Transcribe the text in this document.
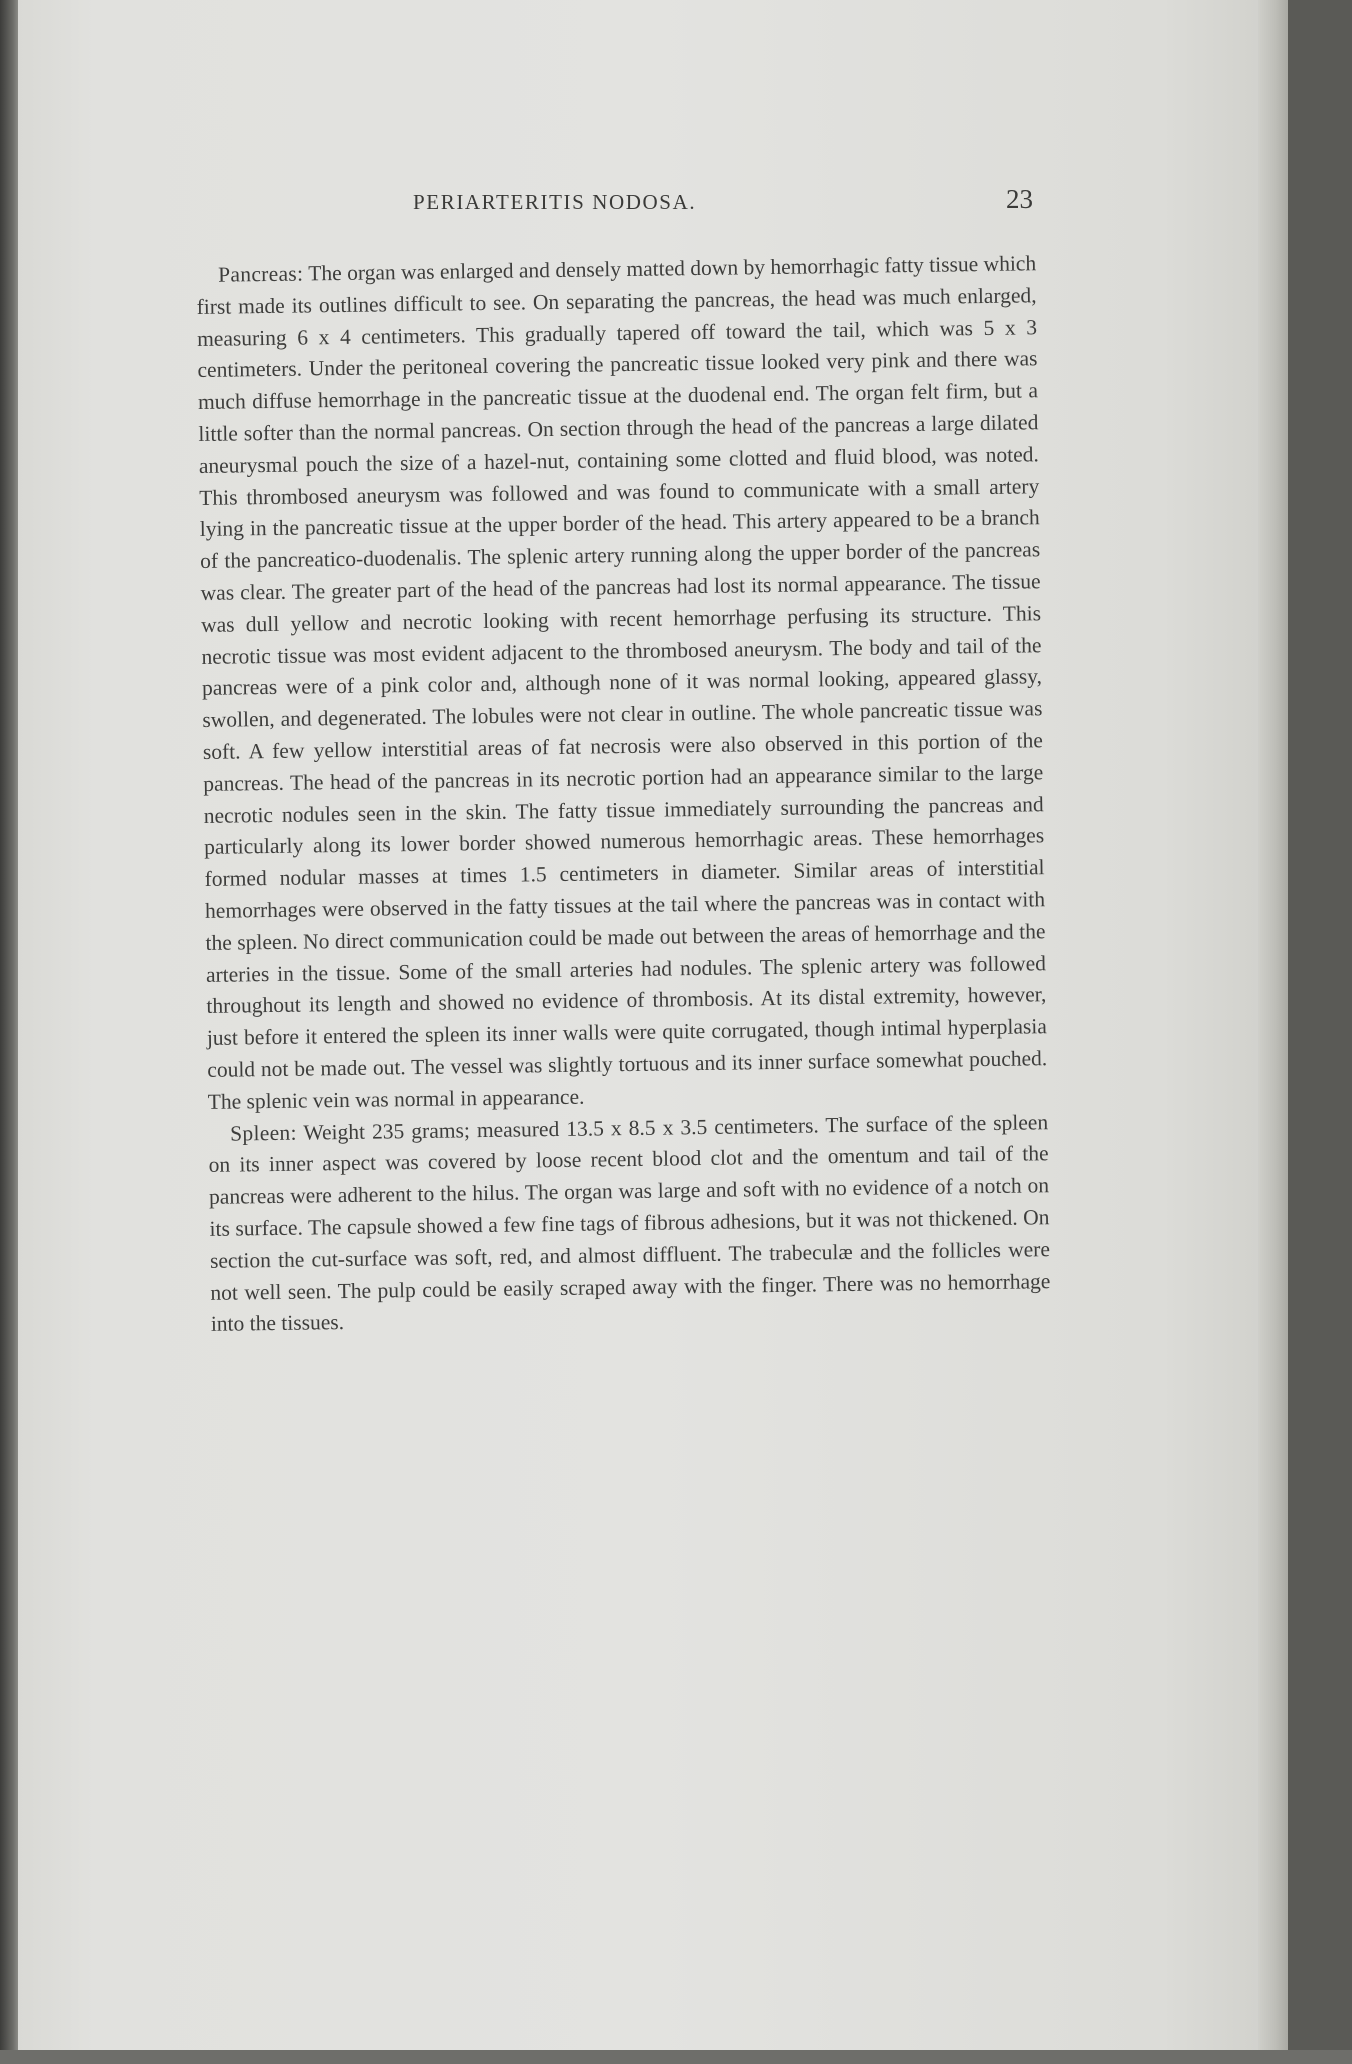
PERIARTERITIS NODOSA.	23

Pancreas: The organ was enlarged and densely matted down by hemorrhagic fatty tissue which first made its outlines difficult to see. On separating the pancreas, the head was much enlarged, measuring 6 x 4 centimeters. This gradually tapered off toward the tail, which was 5 x 3 centimeters. Under the peritoneal covering the pancreatic tissue looked very pink and there was much diffuse hemorrhage in the pancreatic tissue at the duodenal end. The organ felt firm, but a little softer than the normal pancreas. On section through the head of the pancreas a large dilated aneurysmal pouch the size of a hazel-nut, containing some clotted and fluid blood, was noted. This thrombosed aneurysm was followed and was found to communicate with a small artery lying in the pancreatic tissue at the upper border of the head. This artery appeared to be a branch of the pancreatico-duodenalis. The splenic artery running along the upper border of the pancreas was clear. The greater part of the head of the pancreas had lost its normal appearance. The tissue was dull yellow and necrotic looking with recent hemorrhage perfusing its structure. This necrotic tissue was most evident adjacent to the thrombosed aneurysm. The body and tail of the pancreas were of a pink color and, although none of it was normal looking, appeared glassy, swollen, and degenerated. The lobules were not clear in outline. The whole pancreatic tissue was soft. A few yellow interstitial areas of fat necrosis were also observed in this portion of the pancreas. The head of the pancreas in its necrotic portion had an appearance similar to the large necrotic nodules seen in the skin. The fatty tissue immediately surrounding the pancreas and particularly along its lower border showed numerous hemorrhagic areas. These hemorrhages formed nodular masses at times 1.5 centimeters in diameter. Similar areas of interstitial hemorrhages were observed in the fatty tissues at the tail where the pancreas was in contact with the spleen. No direct communication could be made out between the areas of hemorrhage and the arteries in the tissue. Some of the small arteries had nodules. The splenic artery was followed throughout its length and showed no evidence of thrombosis. At its distal extremity, however, just before it entered the spleen its inner walls were quite corrugated, though intimal hyperplasia could not be made out. The vessel was slightly tortuous and its inner surface somewhat pouched. The splenic vein was normal in appearance.

Spleen: Weight 235 grams; measured 13.5 x 8.5 x 3.5 centimeters. The surface of the spleen on its inner aspect was covered by loose recent blood clot and the omentum and tail of the pancreas were adherent to the hilus. The organ was large and soft with no evidence of a notch on its surface. The capsule showed a few fine tags of fibrous adhesions, but it was not thickened. On section the cut-surface was soft, red, and almost diffluent. The trabeculæ and the follicles were not well seen. The pulp could be easily scraped away with the finger. There was no hemorrhage into the tissues.
